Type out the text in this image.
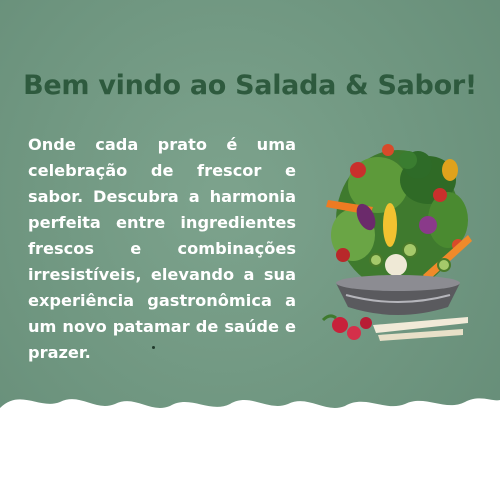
Bem vindo ao Salada & Sabor!

Onde cada prato é uma celebração de frescor e sabor. Descubra a harmonia perfeita entre ingredientes frescos e combinações irresistíveis, elevando a sua experiência gastronômica a um novo patamar de saúde e prazer.
